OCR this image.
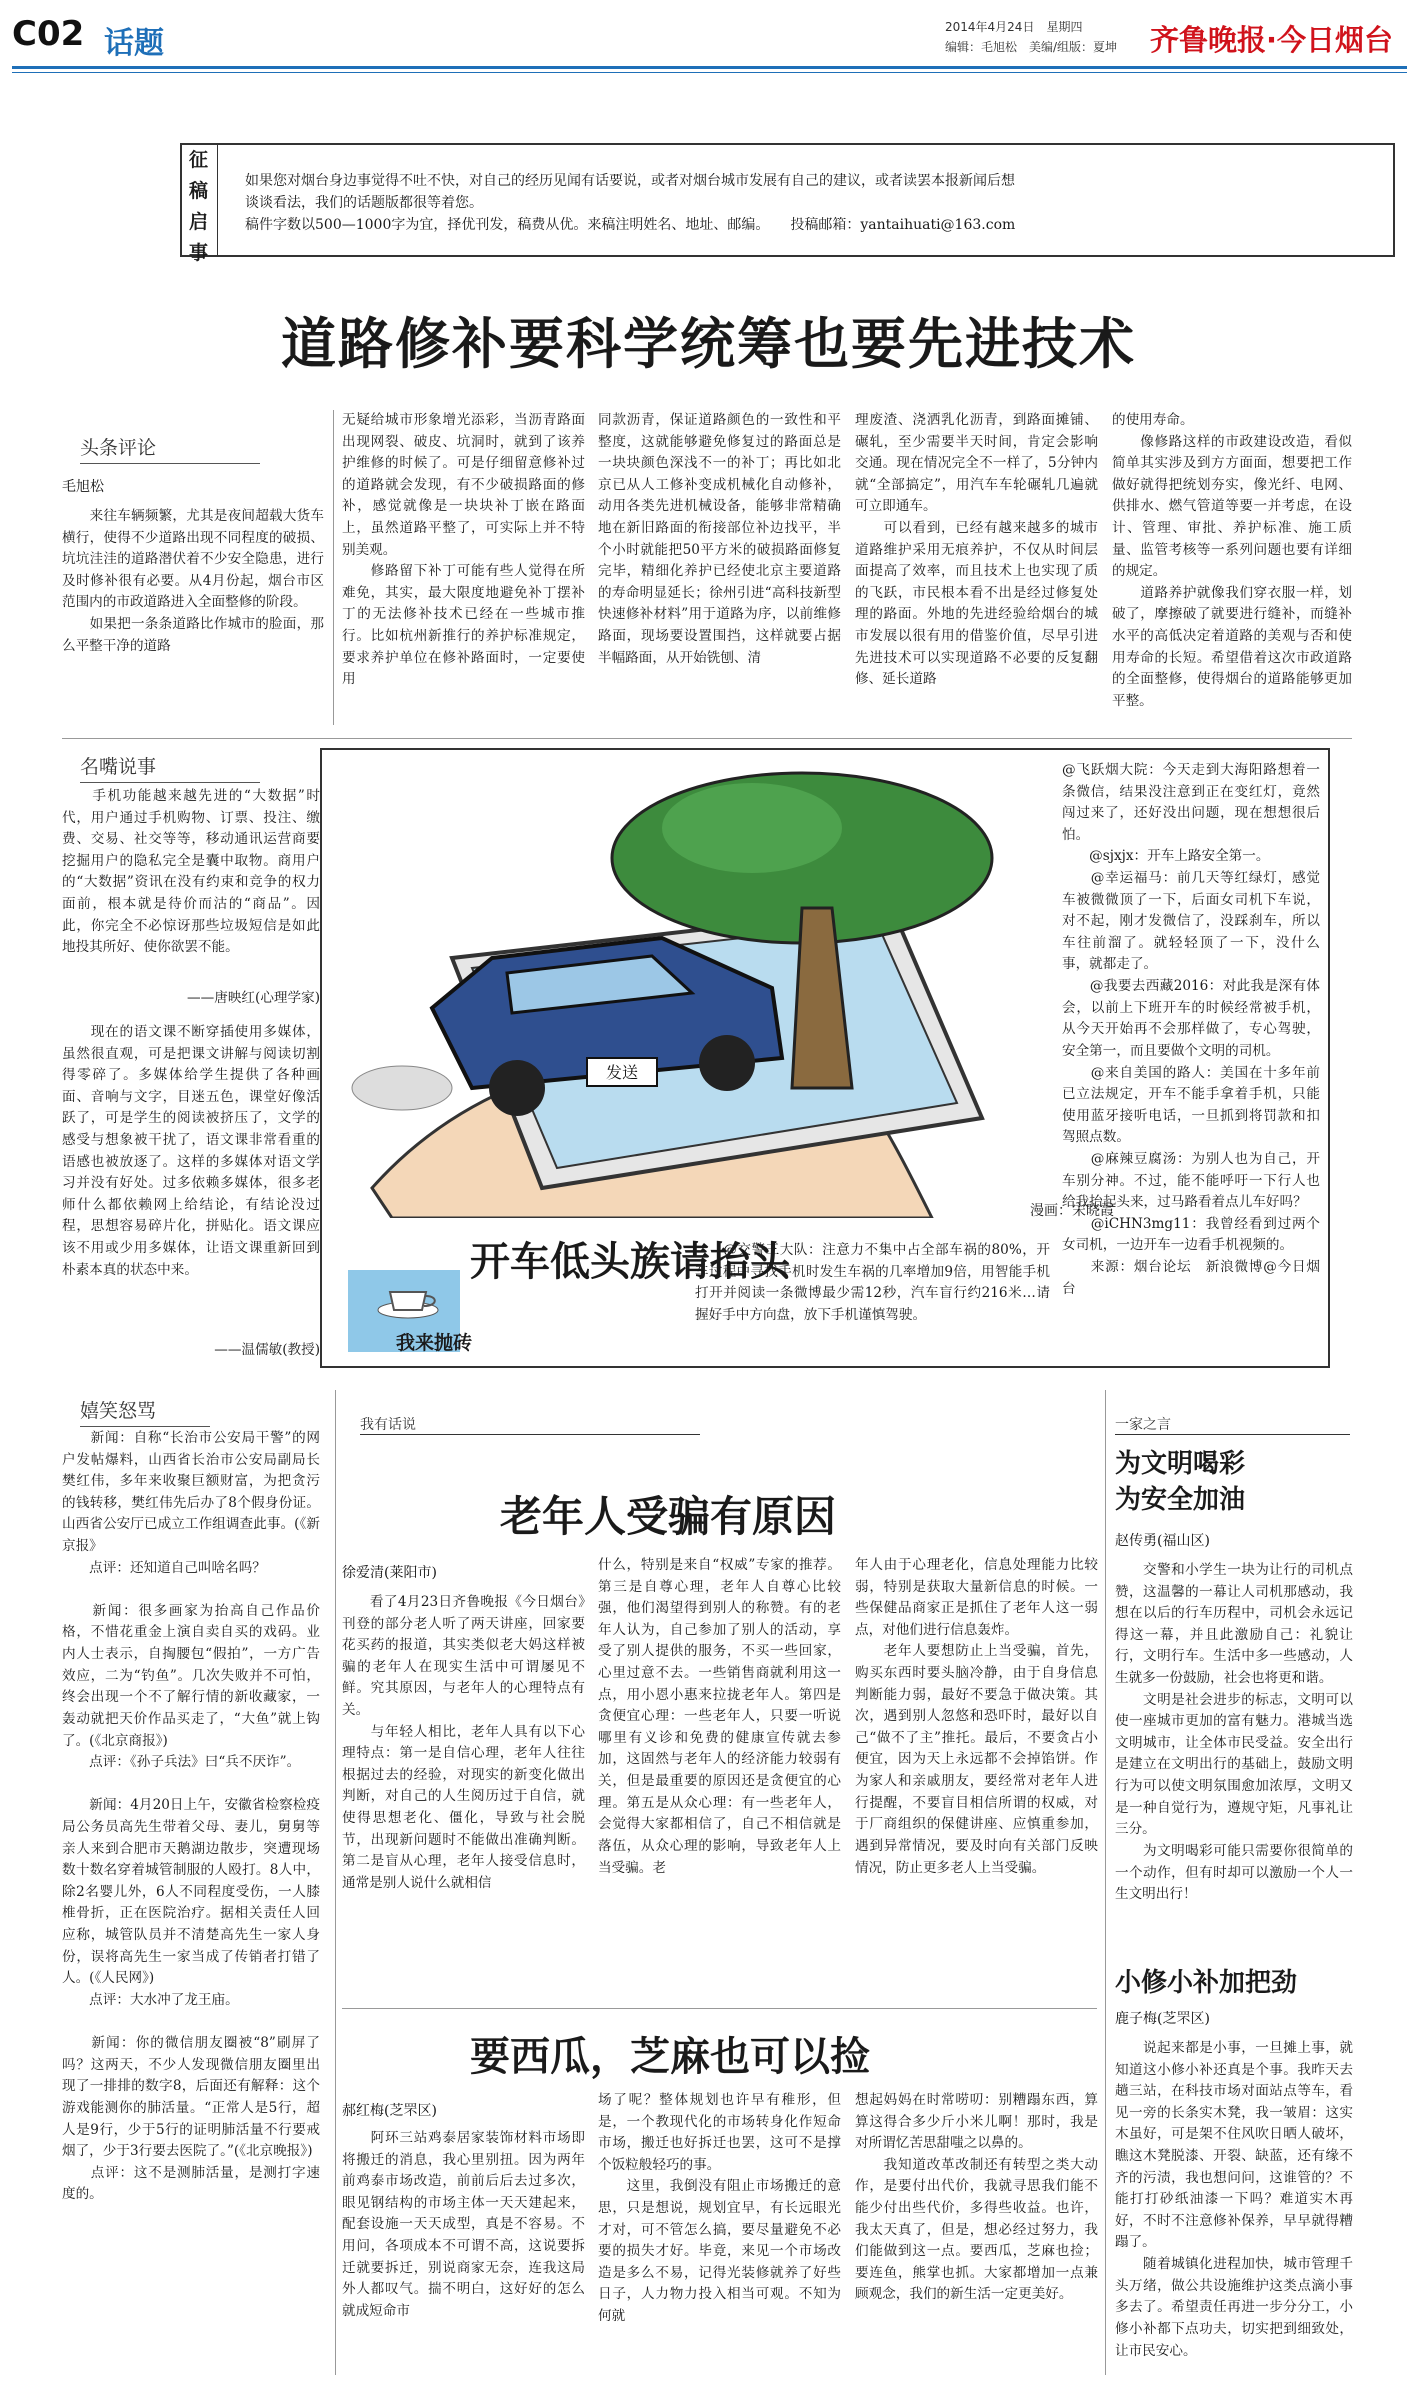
C02 话题	2014年4月24日　星期四
编辑：毛旭松　美编/组版：夏坤 齐鲁晚报·今日烟台
征
稿
启
事
如果您对烟台身边事觉得不吐不快，对自己的经历见闻有话要说，或者对烟台城市发展有自己的建议，或者读罢本报新闻后想
谈谈看法，我们的话题版都很等着您。
稿件字数以500—1000字为宜，择优刊发，稿费从优。来稿注明姓名、地址、邮编。　　投稿邮箱：yantaihuati@163.com
道路修补要科学统筹也要先进技术
头条评论
毛旭松
　　来往车辆频繁，尤其是夜间超载大货车横行，使得不少道路出现不同程度的破损、坑坑洼洼的道路潜伏着不少安全隐患，进行及时修补很有必要。从4月份起，烟台市区范围内的市政道路进入全面整修的阶段。
　　如果把一条条道路比作城市的脸面，那么平整干净的道路
无疑给城市形象增光添彩，当沥青路面出现网裂、破皮、坑洞时，就到了该养护维修的时候了。可是仔细留意修补过的道路就会发现，有不少破损路面的修补，感觉就像是一块块补丁嵌在路面上，虽然道路平整了，可实际上并不特别美观。
　　修路留下补丁可能有些人觉得在所难免，其实，最大限度地避免补丁摆补丁的无法修补技术已经在一些城市推行。比如杭州新推行的养护标准规定，要求养护单位在修补路面时，一定要使用
同款沥青，保证道路颜色的一致性和平整度，这就能够避免修复过的路面总是一块块颜色深浅不一的补丁；再比如北京已从人工修补变成机械化自动修补，动用各类先进机械设备，能够非常精确地在新旧路面的衔接部位补边找平，半个小时就能把50平方米的破损路面修复完毕，精细化养护已经使北京主要道路的寿命明显延长；徐州引进“高科技新型快速修补材料”用于道路为序，以前维修路面，现场要设置围挡，这样就要占据半幅路面，从开始铣刨、清
理废渣、浇洒乳化沥青，到路面摊铺、碾轧，至少需要半天时间，肯定会影响交通。现在情况完全不一样了，5分钟内就“全部搞定”，用汽车车轮碾轧几遍就可立即通车。
　　可以看到，已经有越来越多的城市道路维护采用无痕养护，不仅从时间层面提高了效率，而且技术上也实现了质的飞跃，市民根本看不出是经过修复处理的路面。外地的先进经验给烟台的城市发展以很有用的借鉴价值，尽早引进先进技术可以实现道路不必要的反复翻修、延长道路
的使用寿命。
　　像修路这样的市政建设改造，看似简单其实涉及到方方面面，想要把工作做好就得把统划夯实，像光纤、电网、供排水、燃气管道等要一并考虑，在设计、管理、审批、养护标准、施工质量、监管考核等一系列问题也要有详细的规定。
　　道路养护就像我们穿衣服一样，划破了，摩擦破了就要进行缝补，而缝补水平的高低决定着道路的美观与否和使用寿命的长短。希望借着这次市政道路的全面整修，使得烟台的道路能够更加平整。
名嘴说事
　　手机功能越来越先进的“大数据”时代，用户通过手机购物、订票、投注、缴费、交易、社交等等，移动通讯运营商要挖掘用户的隐私完全是囊中取物。商用户的“大数据”资讯在没有约束和竞争的权力面前，根本就是待价而沽的“商品”。因此，你完全不必惊讶那些垃圾短信是如此地投其所好、使你欲罢不能。
——唐映红(心理学家)
　　现在的语文课不断穿插使用多媒体，虽然很直观，可是把课文讲解与阅读切割得零碎了。多媒体给学生提供了各种画面、音响与文字，目迷五色，课堂好像活跃了，可是学生的阅读被挤压了，文学的感受与想象被干扰了，语文课非常看重的语感也被放逐了。这样的多媒体对语文学习并没有好处。过多依赖多媒体，很多老师什么都依赖网上给结论，有结论没过程，思想容易碎片化，拼贴化。语文课应该不用或少用多媒体，让语文课重新回到朴素本真的状态中来。
——温儒敏(教授)
发送
漫画：宋晓霞
开车低头族请抬头
我来抛砖
　　@交警三大队：注意力不集中占全部车祸的80%，开车过程中寻找手机时发生车祸的几率增加9倍，用智能手机打开并阅读一条微博最少需12秒，汽车盲行约216米…请握好手中方向盘，放下手机谨慎驾驶。
@飞跃烟大院：今天走到大海阳路想着一条微信，结果没注意到正在变红灯，竟然闯过来了，还好没出问题，现在想想很后怕。
　　@sjxjx：开车上路安全第一。
　　@幸运福马：前几天等红绿灯，感觉车被微微顶了一下，后面女司机下车说，对不起，刚才发微信了，没踩刹车，所以车往前溜了。就轻轻顶了一下，没什么事，就都走了。
　　@我要去西藏2016：对此我是深有体会，以前上下班开车的时候经常被手机，从今天开始再不会那样做了，专心驾驶，安全第一，而且要做个文明的司机。
　　@来自美国的路人：美国在十多年前已立法规定，开车不能手拿着手机，只能使用蓝牙接听电话，一旦抓到将罚款和扣驾照点数。
　　@麻辣豆腐汤：为别人也为自己，开车别分神。不过，能不能呼吁一下行人也给我抬起头来，过马路看着点儿车好吗？
　　@iCHN3mg11：我曾经看到过两个女司机，一边开车一边看手机视频的。
　　来源：烟台论坛　新浪微博@今日烟台
嬉笑怒骂
　　新闻：自称“长治市公安局干警”的网户发帖爆料，山西省长治市公安局副局长樊红伟，多年来收聚巨额财富，为把贪污的钱转移，樊红伟先后办了8个假身份证。山西省公安厅已成立工作组调查此事。(《新京报》
　　点评：还知道自己叫啥名吗？

　　新闻：很多画家为抬高自己作品价格，不惜花重金上演自卖自买的戏码。业内人士表示，自掏腰包“假拍”，一方广告效应，二为“钓鱼”。几次失败并不可怕，终会出现一个不了解行情的新收藏家，一轰动就把天价作品买走了，“大鱼”就上钩了。(《北京商报》)
　　点评：《孙子兵法》曰“兵不厌诈”。

　　新闻：4月20日上午，安徽省检察检疫局公务员高先生带着父母、妻儿，舅舅等亲人来到合肥市天鹅湖边散步，突遭现场数十数名穿着城管制服的人殴打。8人中，除2名婴儿外，6人不同程度受伤，一人膝椎骨折，正在医院治疗。据相关责任人回应称，城管队员并不清楚高先生一家人身份，误将高先生一家当成了传销者打错了人。(《人民网》)
　　点评：大水冲了龙王庙。

　　新闻：你的微信朋友圈被“8”刷屏了吗？这两天，不少人发现微信朋友圈里出现了一排排的数字8，后面还有解释：这个游戏能测你的肺活量。“正常人是5行，超人是9行，少于5行的证明肺活量不行要戒烟了，少于3行要去医院了。”(《北京晚报》)
　　点评：这不是测肺活量，是测打字速度的。
我有话说
老年人受骗有原因
徐爱清(莱阳市)
　　看了4月23日齐鲁晚报《今日烟台》刊登的部分老人听了两天讲座，回家要花买药的报道，其实类似老大妈这样被骗的老年人在现实生活中可谓屡见不鲜。究其原因，与老年人的心理特点有关。
　　与年轻人相比，老年人具有以下心理特点：第一是自信心理，老年人往往根据过去的经验，对现实的新变化做出判断，对自己的人生阅历过于自信，就使得思想老化、僵化，导致与社会脱节，出现新问题时不能做出准确判断。第二是盲从心理，老年人接受信息时，通常是别人说什么就相信
什么，特别是来自“权威”专家的推荐。第三是自尊心理，老年人自尊心比较强，他们渴望得到别人的称赞。有的老年人认为，自己参加了别人的活动，享受了别人提供的服务，不买一些回家，心里过意不去。一些销售商就利用这一点，用小恩小惠来拉拢老年人。第四是贪便宜心理：一些老年人，只要一听说哪里有义诊和免费的健康宣传就去参加，这固然与老年人的经济能力较弱有关，但是最重要的原因还是贪便宜的心理。第五是从众心理：有一些老年人，会觉得大家都相信了，自己不相信就是落伍，从众心理的影响，导致老年人上当受骗。老
年人由于心理老化，信息处理能力比较弱，特别是获取大量新信息的时候。一些保健品商家正是抓住了老年人这一弱点，对他们进行信息轰炸。
　　老年人要想防止上当受骗，首先，购买东西时要头脑冷静，由于自身信息判断能力弱，最好不要急于做决策。其次，遇到别人忽悠和恐吓时，最好以自己“做不了主”推托。最后，不要贪占小便宜，因为天上永远都不会掉馅饼。作为家人和亲戚朋友，要经常对老年人进行提醒，不要盲目相信所谓的权威，对于厂商组织的保健讲座、应慎重参加，遇到异常情况，要及时向有关部门反映情况，防止更多老人上当受骗。
要西瓜，芝麻也可以捡
郝红梅(芝罘区)
　　阿环三站鸡泰居家装饰材料市场即将搬迁的消息，我心里别扭。因为两年前鸡泰市场改造，前前后后去过多次，眼见钢结构的市场主体一天天建起来，配套设施一天天成型，真是不容易。不用问，各项成本不可谓不高，这说要拆迁就要拆迁，别说商家无奈，连我这局外人都叹气。揣不明白，这好好的怎么就成短命市
场了呢？整体规划也许早有稚形，但是，一个教现代化的市场转身化作短命市场，搬迁也好拆迁也罢，这可不是撑个饭粒般轻巧的事。
　　这里，我倒没有阻止市场搬迁的意思，只是想说，规划宜早，有长远眼光才对，可不管怎么搞，要尽量避免不必要的损失才好。毕竟，来见一个市场改造是多么不易，记得光装修就养了好些日子，人力物力投入相当可观。不知为何就
想起妈妈在时常唠叨：别糟蹋东西，算算这得合多少斤小米儿啊！那时，我是对所谓忆苦思甜嗤之以鼻的。
　　我知道改革改制还有转型之类大动作，是要付出代价，我就寻思我们能不能少付出些代价，多得些收益。也许，我太天真了，但是，想必经过努力，我们能做到这一点。要西瓜，芝麻也捡；要连鱼，熊掌也抓。大家都增加一点兼顾观念，我们的新生活一定更美好。
一家之言
为文明喝彩
为安全加油
赵传勇(福山区)
　　交警和小学生一块为让行的司机点赞，这温馨的一幕让人司机那感动，我想在以后的行车历程中，司机会永远记得这一幕，并且此激励自己：礼貌让行，文明行车。生活中多一些感动，人生就多一份鼓励，社会也将更和谐。
　　文明是社会进步的标志，文明可以使一座城市更加的富有魅力。港城当选文明城市，让全体市民受益。安全出行是建立在文明出行的基础上，鼓励文明行为可以使文明氛围愈加浓厚，文明又是一种自觉行为，遵规守矩，凡事礼让三分。
　　为文明喝彩可能只需要你很简单的一个动作，但有时却可以激励一个人一生文明出行！
小修小补加把劲
鹿子梅(芝罘区)
　　说起来都是小事，一旦摊上事，就知道这小修小补还真是个事。我昨天去趟三站，在科技市场对面站点等车，看见一旁的长条实木凳，我一皱眉：这实木虽好，可是架不住风吹日晒人破坏，瞧这木凳脱漆、开裂、缺蓝，还有缘不齐的污渍，我也想问问，这谁管的？不能打打砂纸油漆一下吗？难道实木再好，不时不注意修补保养，早早就得糟蹋了。
　　随着城镇化进程加快，城市管理千头万绪，做公共设施维护这类点滴小事多去了。希望责任再进一步分分工，小修小补都下点功夫，切实把到细致处，让市民安心。
